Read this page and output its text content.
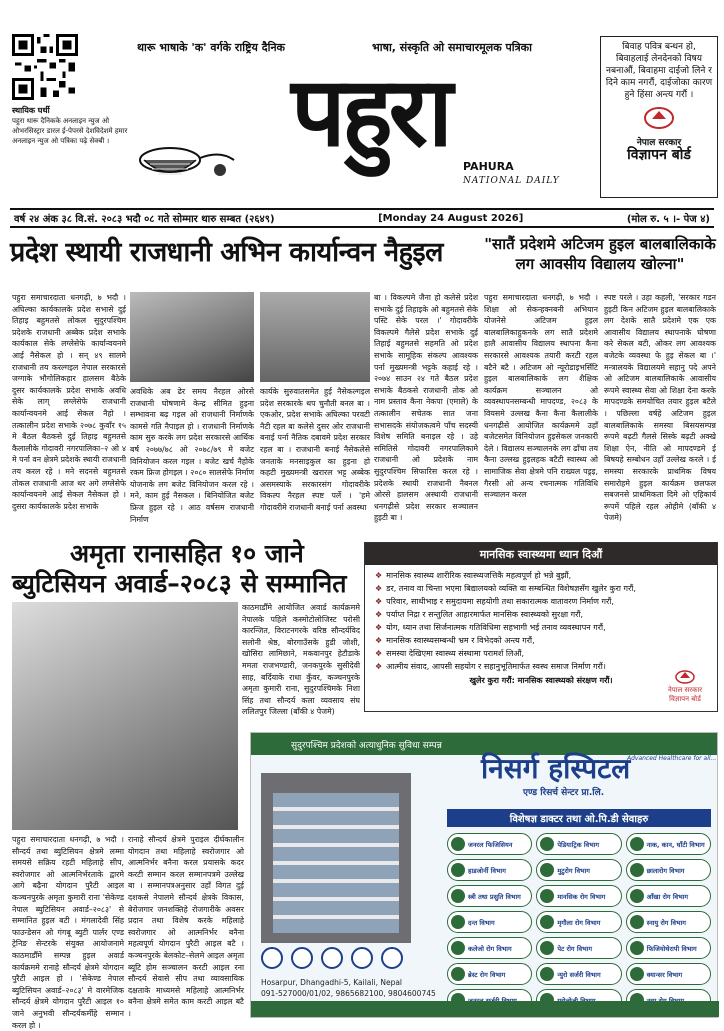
स्थायिक घर्थी
पहुरा थारू दैनिकके अनलाइन न्युज ओ ओभरसिस्ट्रार डारल ई-पेपरसे देशविदेशमे हमार अनलाइन न्युज ओ पत्रिका पढ़े सेक्बी ।
थारू भाषाके 'क' वर्गके राष्ट्रिय दैनिक	भाषा, संस्कृति ओ समाचारमूलक पत्रिका
पहुरा	PAHURA
NATIONAL DAILY
बिवाह पवित्र बन्धन हो, बिवाहलाई लेनदेनको विषय नबनाऔं, बिवाहमा दाईजो लिने र दिने काम नगरौं, दाईजोका कारण हुने हिंसा अन्त्य गरौं ।
नेपाल सरकार
विज्ञापन बोर्ड
वर्ष २४ अंक ३८ वि.सं. २०८३ भदौ ०८ गते सोम्मार थारु सम्बत (२६४९)	[Monday 24 August 2026]	(मोल रु. ५ ।- पेज ४)
प्रदेश स्थायी राजधानी अभिन कार्यान्वन नैहुइल
पहुरा समाचारदाता धनगढ़ी, ७ भदौ । अघिल्का कार्यकालके प्रदेश सभासे दुई तिहाइ बहुमतसे लोकल सुदुरपश्चिम प्रदेशके राजधानी अब्बेक प्रदेश सभाके कार्यकाल सेके लग्लेसेफे कार्यान्वयनमे आई नैसेकल हो । सन् ४९ सालमे राजधानी तय करल्गइल नेपाल सरकारसे जग्गाके भौगोलिकहार हालसम बैठेके दुसर कार्यकालके प्रदेश सभाके अवधि सेके लाग् लग्लेसेफे राजधानी कार्यान्वयनमे आई सेकल नैहो । तत्कालीन प्रदेश सभाके २०७८ कुवाँर १५ मे बैठल बैठकसे दुई तिहाइ बहुमतसे कैलालीके गोदावरी नगरपालिका–२ ओ ४ मे पर्ना वन क्षेत्रमे प्रदेशके स्थायी राजधानी तय करल रहे । मने सदनसे बहुमतसे तोकल राजधानी आज थर अगे लग्लेसेफे कार्यान्वयनमे आई सेकल नैसेकल हो । दुसरा कार्यकालके प्रदेश सभाके
अवधिके अब ढेर समय नैरहल ओरसे राजधानी घोषणामे केन्द्र सीमित हुइना सम्भावना बढ़ गइल ओ राजधानी निर्माणके कामसे गति नैपाइल हो । राजधानी निर्माणके काम सुरु करके लग प्रदेश सरकारसे आर्थिक बर्ष २०७७/७८ ओ २०७८/७९ मे बजेट विनियोजन करल गइल । बजेट खर्च नैहोके रकम फ्रिज होगइल । २०८० सालसेफे निर्माण योजनाके लग बजेट विनियोजन करल रहे । मने, काम हुई नैसकल । बिनियोजित बजेट फ्रिज हुइल रहे । आठ वर्षसम राजधानी निर्माण
कार्यके सुरुवातसमेत हुई नैसेकल्गइल प्रदेश सरकारके थप चुनौती बनल बा । एकओर, प्रदेश सभाके अघिल्का परवटी नैटी रहल बा कलेसे दुसर ओर राजधानी बनाई पर्ना नैतिक दबावमे प्रदेश सरकार रहल बा । राजधानी बनाई नैसेकलेसे जनताके मनसाइकुल का हुइना हो कहटी मुख्यमन्त्री खरारल भट्ट अब्बेक असमस्याके सरकारसंग गोदावरीके विकल्प नैरहल स्पष्ट पर्ले । 'हमे गोदावरीमे राजधानी बनाई पर्ना अवस्था
बा । विकल्पमे जैना हो कलेसे प्रदेश सभाके दुई तिहाइके ओ बहुमतसे सेके पस्टि सेके परल ।' गोदावरीके विकल्पमे गैलेसे प्रदेश सभाके दुई तिहाई बहुमतसे सहमति ओ प्रदेश सभाके सामूहिक संकल्प आवश्यक पर्ना मुख्यमन्त्री भट्टके कहाई रहे । २०७४ साउन २४ गते बैठल प्रदेश सभाके बैठकसे राजधानी तोक ओ नाम प्रस्ताव कैना नेकपा (एमाले) के तत्कालीन सचेतक सात जना सभासदके संयोजकत्वमे पाँच सदस्यी विशेष समिति बनाइल रहे । उहे समितिसे गोदावरी नगरपालिकामे राजधानी ओ प्रदेशके नाम सुदुरपश्चिम सिफारिस करल रहे । प्रदेशके स्थायी राजधानी नैबनल ओरसे हालसम अस्थायी राजधानी धनगढ़ीसे प्रदेश सरकार सञ्चालन हुइटी बा ।
"सातैं प्रदेशमे अटिजम हुइल बालबालिकाके लग आवसीय विद्यालय खोल्ना"
पहुरा समाचारदाता धनगढ़ी, ७ भदौ । शिक्षा ओ सेकन्हक्नबनी अभियान योजनेसे अटिजम हुइल बालबालिकाहुकनके लग सातै प्रदेशमे हालै आवासीय विद्यालय स्थापना कैना सरकारसे आवश्यक तयारी करटी रहल बटैने बटै । अटिजम ओ न्यूरोडाइभर्सिटि हुइल बालबालिकाके लग शैक्षिक कार्यक्रम सञ्चालन ओ व्यवस्थापनसम्बन्धी मापदण्ड, २०८३ के वियसमे उल्लख कैना कैना कैलालीके धनगढ़ीसे आयोजित कार्यक्रममे उहाँ बजेटसमेत विनियोजन हुइसेकल जनकारी देले । विद्यालय सञ्चालनके लग ढाँचा तय कैना उल्लख हुइलहक बटैटी स्वास्थ्य ओ सामाजिक सेवा क्षेत्रमे पनि राख्यल पड्रइ, गैरसी ओ अन्य रचनात्मक गतिविधि सञ्चालन करल
स्पष्ट परले । उहा कहली, 'सरकार गडन हुइटी किन अटिजम हुइल बालबालिकाके लग देशके सातै प्रदेशमे एक एक आवासीय विद्यालय स्थापनाके घोषणा करे सेकल बटी, ओकर लग आवश्यक बजेटके व्यवस्था फे हुइ सेकल बा ।' मन्त्रालयके विद्यालयमे सहानु पदे अपने ओ अटिजम बालबालिकाके आवासीय रूपमे स्वास्थ्य सेवा ओ शिक्षा देना करके मापदण्डके समयोचित तयार हुइल बटैले । पछिल्ला वर्षहे अटिजम हुइल बालबालिकाके समस्या बिसयसम्पन्न रूपमे बढ़टी गैलसे सिस्के बढ़टी अक्खे शिक्षा ऐन, नीति ओ मापदण्डमे ई बिषयहे सम्बोधन उहाँ उल्लेख करले । ई समस्या सरकारके प्राथमिक विषय समारोहमे हुइल कार्यक्रम छलफल सबजनसे प्राथमिकता दिमे ओ एहिकार्य रूपमें पहिले रहल ओहीमे (बाँकी ४ पेजमे)
अमृता रानासहित १० जाने
ब्युटिसियन अवार्ड–२०८३ से सम्मानित
काठमाडौँमे आयोजित अवार्ड कार्यक्रममे नेपालके पहिले कस्मोटोलोजिस्ट परोसी कारन्जित, विराटनगरके वरिष्ठ सौन्दर्यविद सलोनी श्रेष्ठ, बोरगाउँसके हुडी जोशी, खोसिरा लामिछाने, मकवानपुर हेटौडाके ममता राजभण्डारी, जनकपुरके सुसीदेवी साह, बर्दियाके राधा कुँवर, कञ्चनपुरके अमृता कुमारी राना, सुदुरपश्चिमके निशा सिंह तथा सौन्दर्य कला व्यवसाय संघ ललितपुर जिल्ला (बाँकी ४ पेजमे)
पहुरा समाचारदाता धनगढ़ी, ७ भदौ । सौन्दर्य तथा ब्युटिसियन क्षेत्रमे लम्मा समयसे सक्रिय रहटी महिलाहे सीप, स्वरोजगार ओ आत्मनिर्भरताके द्वारमे आगे बढ़ैना योगदान पुरैटी आइल कञ्चनपुरके अमृता कुमारी राना 'सेकेण्ड नेपाल ब्युटिसियन अवार्ड–२०८३' से सम्मानित हुइल बटी । मंगलादेवी सिंह फाउन्डेसन ओ गंगबू ब्युटी पार्लर एण्ड ट्रेनिङ सेन्टरके संयुक्त आयोजनामे काठमाडौँमे सम्पन्न हुइल अवार्ड कार्यक्रममे रानाहे सौन्दर्य क्षेत्रमे योगदान पुरैटी आइल हो । 'सेकेण्ड नेपाल ब्युटिसियन अवार्ड–२०८३' मे वारमेजिक सौन्दर्य क्षेत्रमे योगदान पुरैटी आइल १० जाने अनुभवी सौन्दर्यकर्मीहे सम्मान करल हो ।
रानाहे सौन्दर्य क्षेत्रमे पुराइल दीर्घकालीन योगदान तथा महिलाहे स्वरोजगार ओ आत्मनिर्भर बनैना करल प्रयासके कदर करटी सम्मान करल सम्मानपत्रमे उल्लेख बा । सम्मानपत्रअनुसार उहाँ विगत दुई दशकसे नेपालमे सौन्दर्य क्षेत्रके विकास, बेरोजगार जनशक्तिहे रोजगारीके अवसर प्रदान तथा विशेष करके महिलाहे स्वरोजगार ओ आत्मनिर्भर बनैना महत्वपूर्ण योगदान पुरैटी आइल बटै । कञ्चनपुरके बेलकोट–सेलमे आइल अमृता ब्यूटि होम सञ्चालन करटी आइल रना सौन्दर्य सेवासे सीप तथा व्यावसायिक दक्षताके माध्यमसे महिलाहे आत्मनिर्भर बनैना क्षेत्रमे समेत काम करटी आइल बटै ।
मानसिक स्वास्थ्यमा ध्यान दिऔं
❖ मानसिक स्वास्थ्य शारीरिक स्वास्थ्यजत्तिकै महत्वपूर्ण हो भन्ने बुझौं,
❖ डर, तनाव वा चिन्ता भएमा बिद्यालयको व्यक्ति वा सम्बन्धित विशेषज्ञसँग खुलेर कुरा गरौं,
❖ परिवार, साथीभाइ र समुदायमा सहयोगी तथा सकारात्मक वातावरण निर्माण गरौं,
❖ पर्याप्त निद्रा र सन्तुलित आहारमार्फत मानसिक स्वास्थ्यको सुरक्षा गरौं,
❖ योग, ध्यान तथा सिर्जनात्मक गतिविधिमा सहभागी भई तनाव व्यवस्थापन गरौं,
❖ मानसिक स्वास्थ्यसम्बन्धी भ्रम र विभेदको अन्त्य गरौं,
❖ समस्या देखिएमा स्वास्थ्य संस्थामा परामर्श लिऔं,
❖ आत्मीय संवाद, आपसी सहयोग र सहानुभूतिमार्फत स्वस्थ समाज निर्माण गरौं।
खुलेर कुरा गरौं: मानसिक स्वास्थ्यको संरक्षण गरौं।
नेपाल सरकार
विज्ञापन बोर्ड
सुदुरपश्चिम प्रदेशको अत्याधुनिक सुविधा सम्पन्न
निसर्ग हस्पिटल
Advanced Healthcare for all...
एण्ड रिसर्च सेन्टर प्रा.लि.
विशेषज्ञ डाक्टर तथा ओ.पि.डी सेवाहरु
जनरल फिजिसियन	पेडियाट्रिक विभाग	नाक, कान, घाँटी विभाग
हाडजोर्नी विभाग	मुटुरोग विभाग	छालारोग विभाग
स्त्री तथा प्रसुति विभाग	मानसिक रोग विभाग	आँखा रोग विभाग
दन्त विभाग	मृगौला रोग विभाग	स्नायु रोग विभाग
कलेजो रोग विभाग	पेट रोग विभाग	फिजियोथेरापी विभाग
ब्रेस्ट रोग विभाग	न्युरो सर्जरी विभाग	क्यान्सर विभाग
Hosarpur, Dhangadhi-5, Kailali, Nepal
091-527000/01/02, 9865682100, 9804600745
